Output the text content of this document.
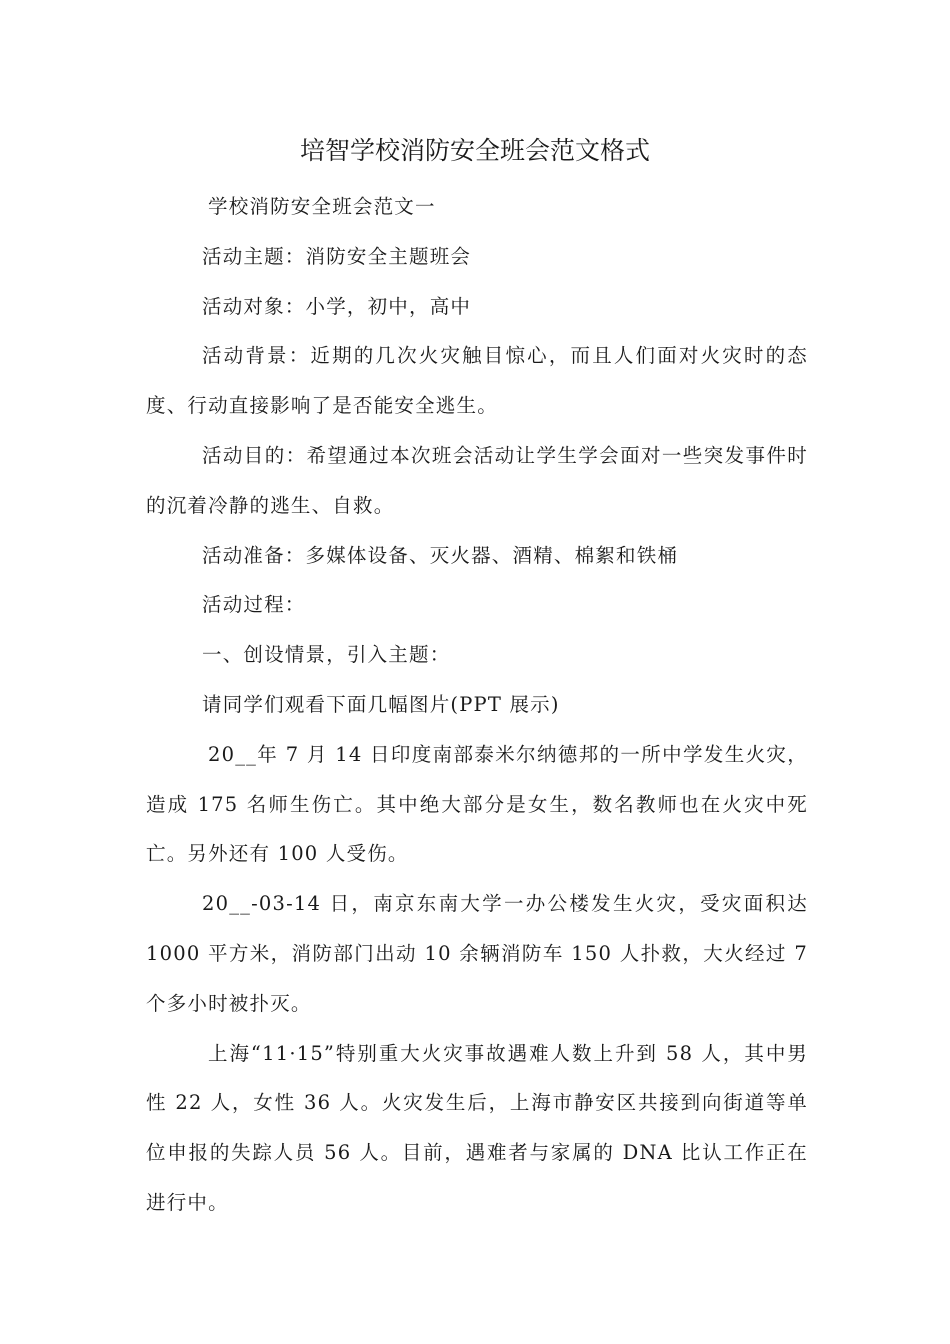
培智学校消防安全班会范文格式

学校消防安全班会范文一

活动主题：消防安全主题班会

活动对象：小学，初中，高中

活动背景：近期的几次火灾触目惊心，而且人们面对火灾时的态度、行动直接影响了是否能安全逃生。

活动目的：希望通过本次班会活动让学生学会面对一些突发事件时的沉着冷静的逃生、自救。

活动准备：多媒体设备、灭火器、酒精、棉絮和铁桶

活动过程：

一、创设情景，引入主题：

请同学们观看下面几幅图片(PPT 展示)

20__年 7 月 14 日印度南部泰米尔纳德邦的一所中学发生火灾，造成 175 名师生伤亡。其中绝大部分是女生，数名教师也在火灾中死亡。另外还有 100 人受伤。

20__-03-14 日，南京东南大学一办公楼发生火灾，受灾面积达 1000 平方米，消防部门出动 10 余辆消防车 150 人扑救，大火经过 7 个多小时被扑灭。

上海“11·15”特别重大火灾事故遇难人数上升到 58 人，其中男性 22 人，女性 36 人。火灾发生后，上海市静安区共接到向街道等单位申报的失踪人员 56 人。目前，遇难者与家属的 DNA 比认工作正在进行中。
